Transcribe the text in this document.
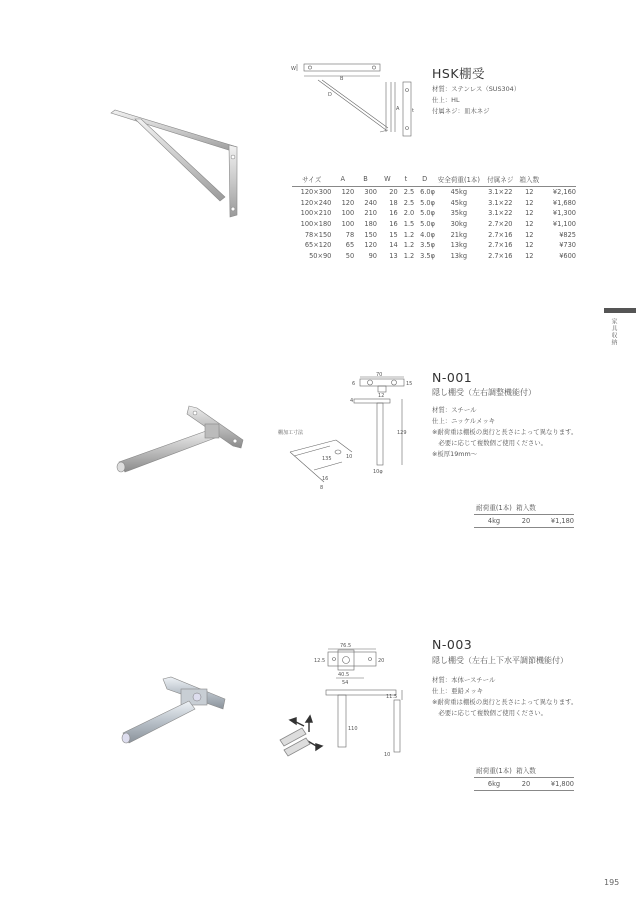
家具収納
W
B
A
D
t
HSK棚受
材質：ステンレス（SUS304）
仕上：HL
付属ネジ：皿木ネジ
サイズ	A	B	W	t	D	安全荷重(1本)	付属ネジ	箱入数	
120×300	120	300	20	2.5	6.0φ	45kg	3.1×22	12	¥2,160
120×240	120	240	18	2.5	5.0φ	45kg	3.1×22	12	¥1,680
100×210	100	210	16	2.0	5.0φ	35kg	3.1×22	12	¥1,300
100×180	100	180	16	1.5	5.0φ	30kg	2.7×20	12	¥1,100
78×150	78	150	15	1.2	4.0φ	21kg	2.7×16	12	¥825
65×120	65	120	14	1.2	3.5φ	13kg	2.7×16	12	¥730
50×90	50	90	13	1.2	3.5φ	13kg	2.7×16	12	¥600
70
15
12
6
4
129
10φ
棚加工寸法
135	10
16
8
N-001
隠し棚受（左右調整機能付）
材質：スチール
仕上：ニッケルメッキ
※耐荷重は棚板の奥行と長さによって異なります。
　必要に応じて複数個ご使用ください。
※板厚19mm〜
耐荷重(1本)	箱入数	
4kg	20	¥1,180
76.5
20
12.5
40.5
54
11.5
110
10
N-003
隠し棚受（左右上下水平調節機能付）
材質：本体ースチール
仕上：亜鉛メッキ
※耐荷重は棚板の奥行と長さによって異なります。
　必要に応じて複数個ご使用ください。
耐荷重(1本)	箱入数	
6kg	20	¥1,800
195
